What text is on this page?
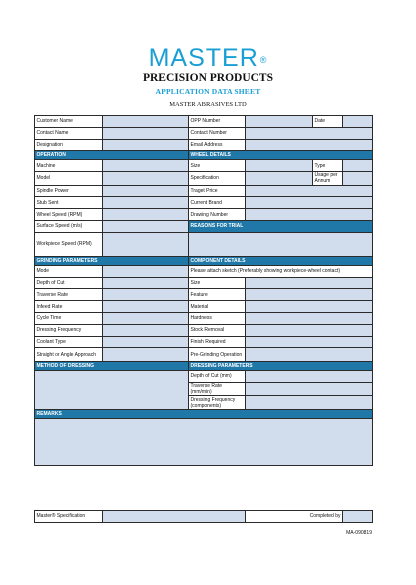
MASTER®
PRECISION PRODUCTS
APPLICATION DATA SHEET
MASTER ABRASIVES LTD
Customer Name		OPP Number		Date	
Contact Name		Contact Number			
Designation		Email Address			
OPERATION		WHEEL DETAILS			
Machine		Size		Type	
Model		Specification		Usage per Annum	
Spindle Power		Traget Price			
Stub Sent		Current Brand			
Wheel Speed (RPM)		Drawing Number			
Surface Speed (m/s)		REASONS FOR TRIAL			
Workpiece Speed (RPM)					
GRINDING PARAMETERS		COMPONENT DETAILS			
Mode		Please attach sketch (Preferably showing workpiece-wheel contact)			
Depth of Cut		Size			
Traverse Rate		Feature			
Infeed Rate		Material			
Cycle Time		Hardness			
Dressing Frequency		Stock Removal			
Coolant Type		Finish Required			
Straight or Angle Approach		Pre-Grinding Operation			
METHOD OF DRESSING		DRESSING PARAMETERS			
		Depth of Cut (mm)			
		Traverse Rate (mm/min)			
		Dressing Frequency (components)			
REMARKS					

Master® Specification		Completed by	
MA-090819
